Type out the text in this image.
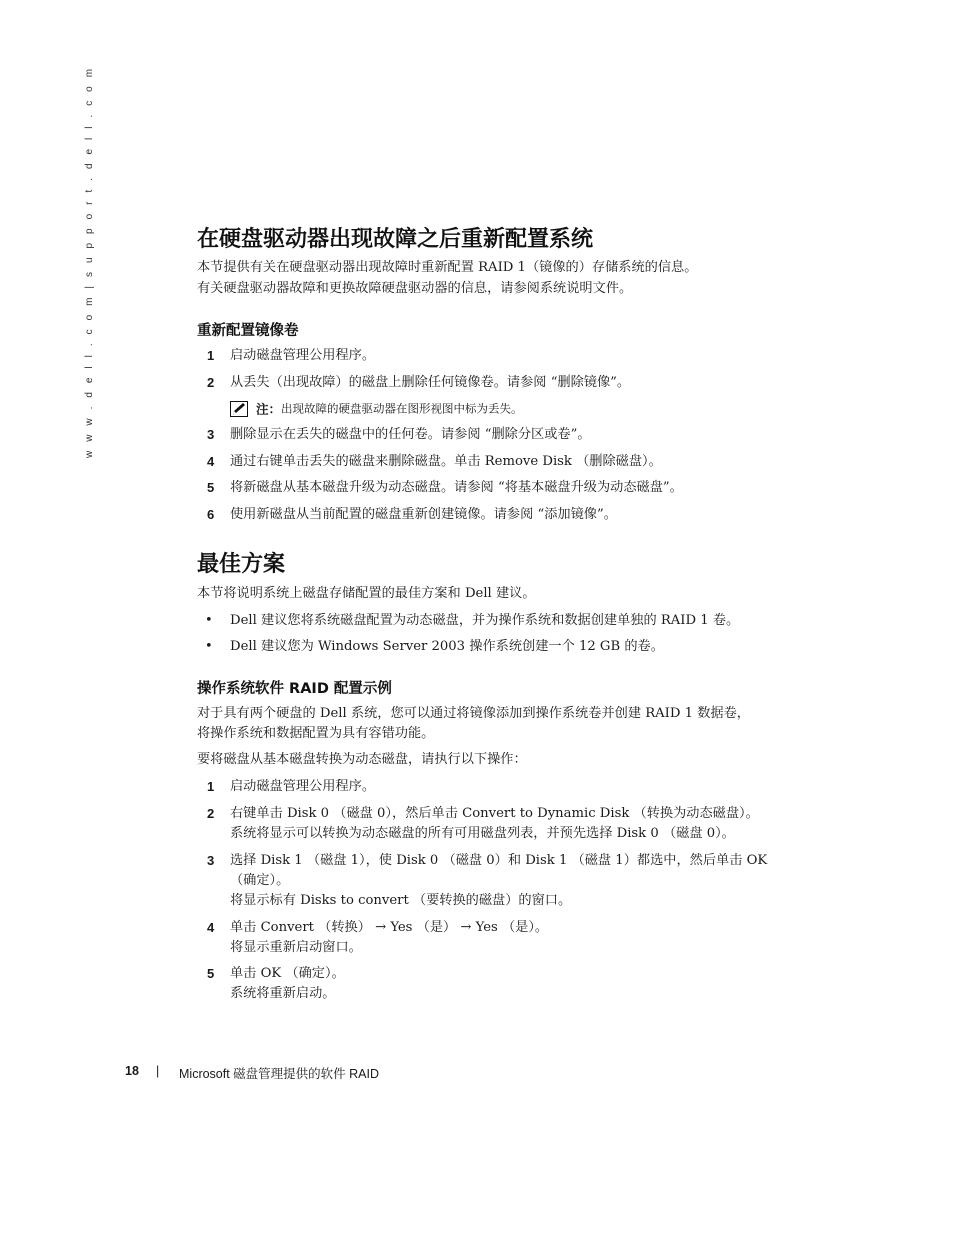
w w w . d e l l . c o m | s u p p o r t . d e l l . c o m	在硬盘驱动器出现故障之后重新配置系统
本节提供有关在硬盘驱动器出现故障时重新配置 RAID 1（镜像的）存储系统的信息。
有关硬盘驱动器故障和更换故障硬盘驱动器的信息，请参阅系统说明文件。
重新配置镜像卷
1 启动磁盘管理公用程序。
2 从丢失（出现故障）的磁盘上删除任何镜像卷。请参阅 “删除镜像”。
注：出现故障的硬盘驱动器在图形视图中标为丢失。
3 删除显示在丢失的磁盘中的任何卷。请参阅 “删除分区或卷”。
4 通过右键单击丢失的磁盘来删除磁盘。单击 Remove Disk （删除磁盘）。
5 将新磁盘从基本磁盘升级为动态磁盘。请参阅 “将基本磁盘升级为动态磁盘”。
6 使用新磁盘从当前配置的磁盘重新创建镜像。请参阅 “添加镜像”。
最佳方案
本节将说明系统上磁盘存储配置的最佳方案和 Dell 建议。
• Dell 建议您将系统磁盘配置为动态磁盘，并为操作系统和数据创建单独的 RAID 1 卷。
• Dell 建议您为 Windows Server 2003 操作系统创建一个 12 GB 的卷。
操作系统软件 RAID 配置示例
对于具有两个硬盘的 Dell 系统，您可以通过将镜像添加到操作系统卷并创建 RAID 1 数据卷，
将操作系统和数据配置为具有容错功能。
要将磁盘从基本磁盘转换为动态磁盘，请执行以下操作：
1 启动磁盘管理公用程序。
2 右键单击 Disk 0 （磁盘 0），然后单击 Convert to Dynamic Disk （转换为动态磁盘）。
系统将显示可以转换为动态磁盘的所有可用磁盘列表，并预先选择 Disk 0 （磁盘 0）。
3 选择 Disk 1 （磁盘 1），使 Disk 0 （磁盘 0）和 Disk 1 （磁盘 1）都选中，然后单击 OK
（确定）。
将显示标有 Disks to convert （要转换的磁盘）的窗口。
4 单击 Convert （转换） → Yes （是） → Yes （是）。
将显示重新启动窗口。
5 单击 OK （确定）。
系统将重新启动。
18 | Microsoft 磁盘管理提供的软件 RAID
